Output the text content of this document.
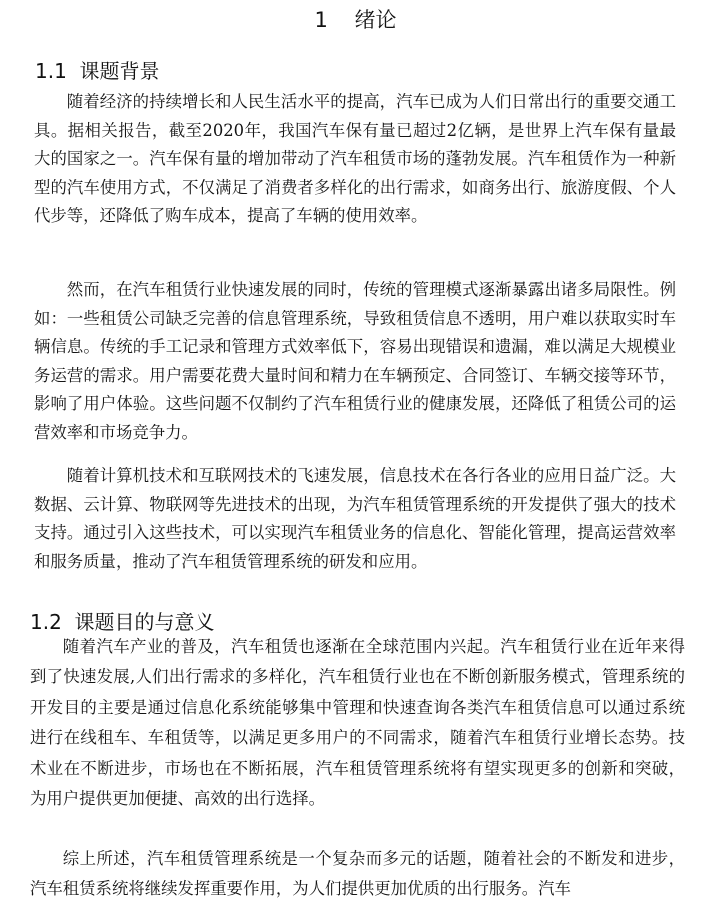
1    绪论
1.1  课题背景

随着经济的持续增长和人民生活水平的提高，汽车已成为人们日常出行的重要交通工具。据相关报告，截至2020年，我国汽车保有量已超过2亿辆，是世界上汽车保有量最大的国家之一。汽车保有量的增加带动了汽车租赁市场的蓬勃发展。汽车租赁作为一种新型的汽车使用方式，不仅满足了消费者多样化的出行需求，如商务出行、旅游度假、个人代步等，还降低了购车成本，提高了车辆的使用效率。

然而，在汽车租赁行业快速发展的同时，传统的管理模式逐渐暴露出诸多局限性。例如：一些租赁公司缺乏完善的信息管理系统，导致租赁信息不透明，用户难以获取实时车辆信息。传统的手工记录和管理方式效率低下，容易出现错误和遗漏，难以满足大规模业务运营的需求。用户需要花费大量时间和精力在车辆预定、合同签订、车辆交接等环节，影响了用户体验。这些问题不仅制约了汽车租赁行业的健康发展，还降低了租赁公司的运营效率和市场竞争力。

随着计算机技术和互联网技术的飞速发展，信息技术在各行各业的应用日益广泛。大数据、云计算、物联网等先进技术的出现，为汽车租赁管理系统的开发提供了强大的技术支持。通过引入这些技术，可以实现汽车租赁业务的信息化、智能化管理，提高运营效率和服务质量，推动了汽车租赁管理系统的研发和应用。

1.2  课题目的与意义

随着汽车产业的普及，汽车租赁也逐渐在全球范围内兴起。汽车租赁行业在近年来得到了快速发展,人们出行需求的多样化，汽车租赁行业也在不断创新服务模式，管理系统的开发目的主要是通过信息化系统能够集中管理和快速查询各类汽车租赁信息可以通过系统进行在线租车、车租赁等，以满足更多用户的不同需求，随着汽车租赁行业增长态势。技术业在不断进步，市场也在不断拓展，汽车租赁管理系统将有望实现更多的创新和突破，为用户提供更加便捷、高效的出行选择。

综上所述，汽车租赁管理系统是一个复杂而多元的话题，随着社会的不断发和进步，汽车租赁系统将继续发挥重要作用，为人们提供更加优质的出行服务。汽车
